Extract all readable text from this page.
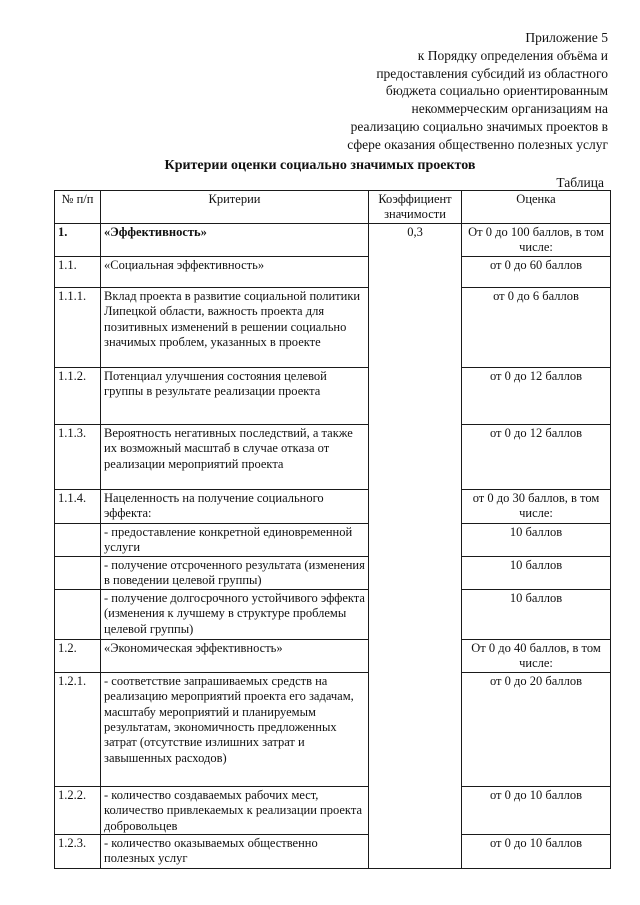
Приложение 5
к Порядку определения объёма и
предоставления субсидий из областного
бюджета социально ориентированным
некоммерческим организациям на
реализацию социально значимых проектов в
сфере оказания общественно полезных услуг
Критерии оценки социально значимых проектов
Таблица
№ п/п	Критерии	Коэффициент значимости	Оценка
1.	«Эффективность»	0,3	От 0 до 100 баллов, в том числе:
1.1.	«Социальная эффективность»		от 0 до 60 баллов
1.1.1.	Вклад проекта в развитие социальной политики Липецкой области, важность проекта для позитивных изменений в решении социально значимых проблем, указанных в проекте		от 0 до 6 баллов
1.1.2.	Потенциал улучшения состояния целевой группы в результате реализации проекта		от 0 до 12 баллов
1.1.3.	Вероятность негативных последствий, а также их возможный масштаб в случае отказа от реализации мероприятий проекта		от 0 до 12 баллов
1.1.4.	Нацеленность на получение социального эффекта:		от 0 до 30 баллов, в том числе:
	- предоставление конкретной единовременной услуги		10 баллов
	- получение отсроченного результата (изменения в поведении целевой группы)		10 баллов
	- получение долгосрочного устойчивого эффекта (изменения к лучшему в структуре проблемы целевой группы)		10 баллов
1.2.	«Экономическая эффективность»		От 0 до 40 баллов, в том числе:
1.2.1.	- соответствие запрашиваемых средств на реализацию мероприятий проекта его задачам, масштабу мероприятий и планируемым результатам, экономичность предложенных затрат (отсутствие излишних затрат и завышенных расходов)		от 0 до 20 баллов
1.2.2.	- количество создаваемых рабочих мест, количество привлекаемых к реализации проекта добровольцев		от 0 до 10 баллов
1.2.3.	- количество оказываемых общественно полезных услуг		от 0 до 10 баллов
